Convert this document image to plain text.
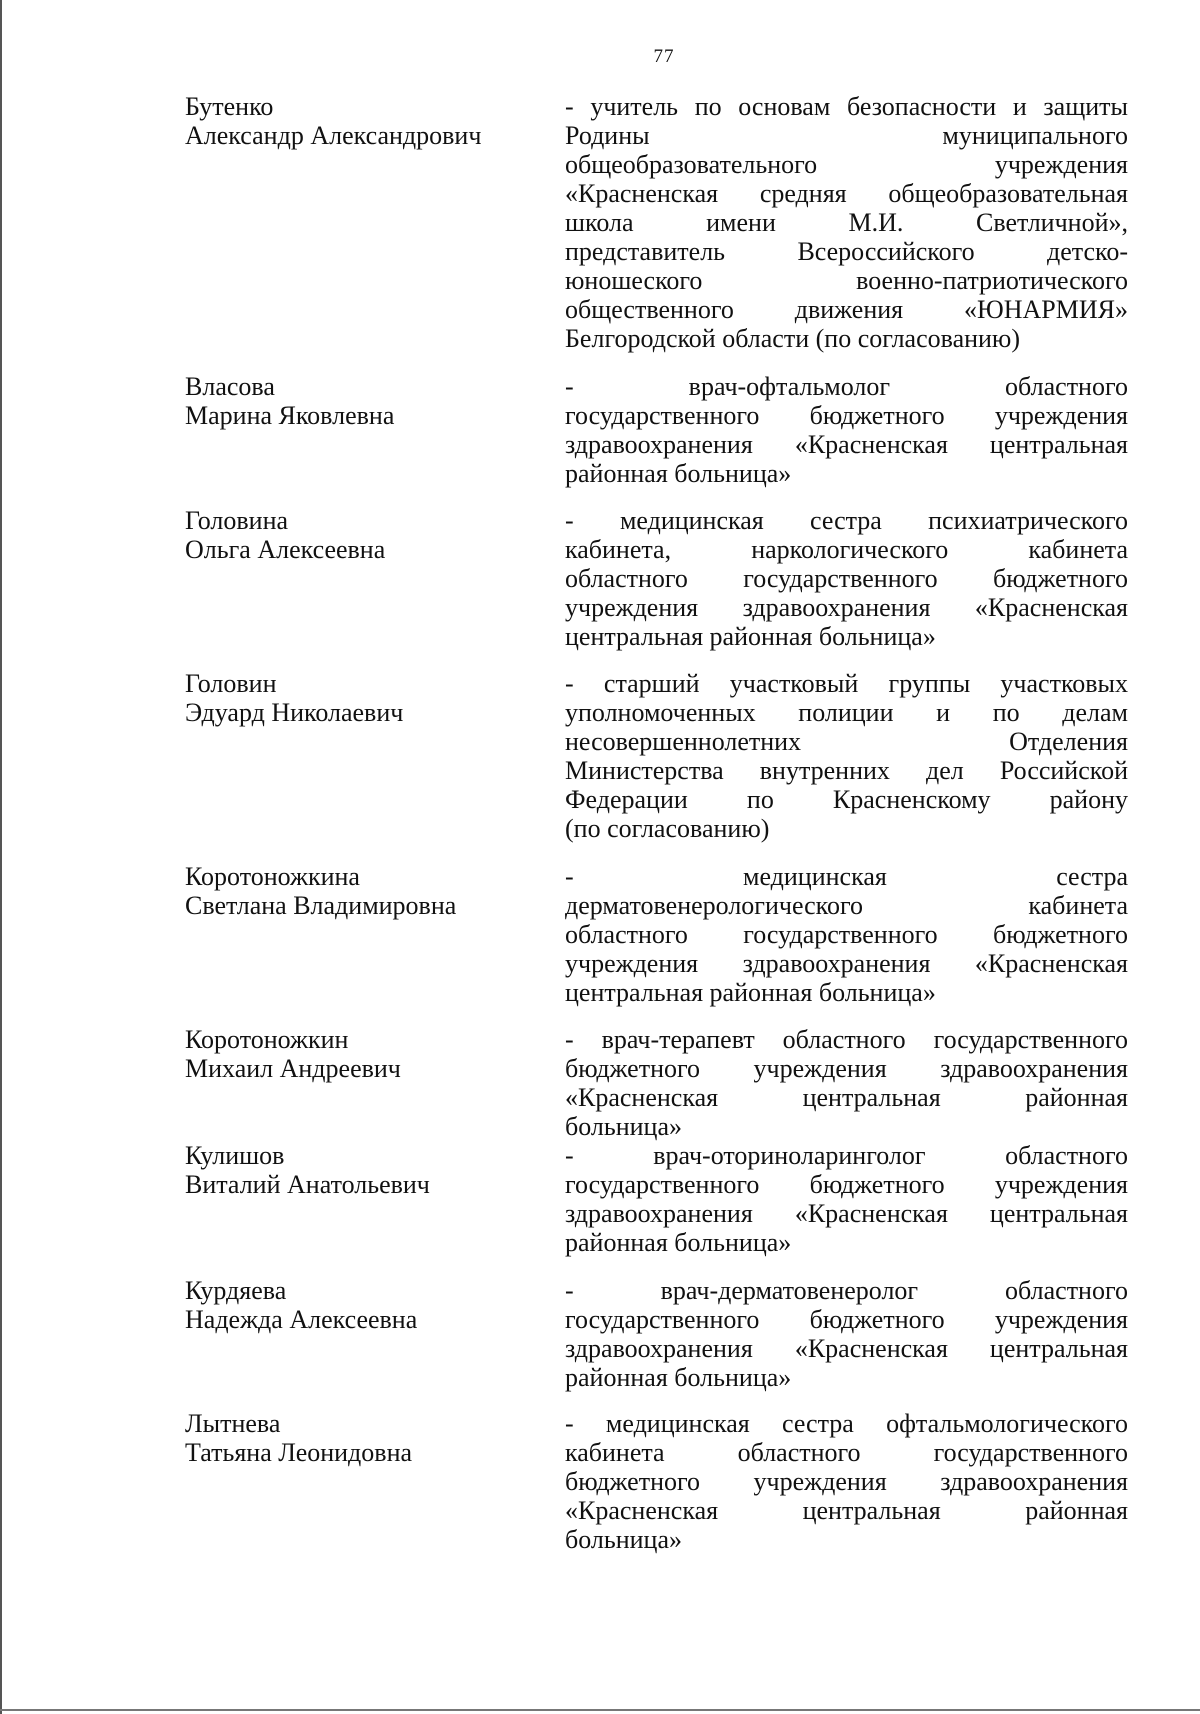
77
Бутенко
Александр Александрович
- учитель по основам безопасности и защиты
Родины муниципального
общеобразовательного учреждения
«Красненская средняя общеобразовательная
школа имени М.И. Светличной»,
представитель Всероссийского детско-
юношеского военно-патриотического
общественного движения «ЮНАРМИЯ»
Белгородской области (по согласованию)
Власова
Марина Яковлевна
- врач-офтальмолог областного
государственного бюджетного учреждения
здравоохранения «Красненская центральная
районная больница»
Головина
Ольга Алексеевна
- медицинская сестра психиатрического
кабинета, наркологического кабинета
областного государственного бюджетного
учреждения здравоохранения «Красненская
центральная районная больница»
Головин
Эдуард Николаевич
- старший участковый группы участковых
уполномоченных полиции и по делам
несовершеннолетних Отделения
Министерства внутренних дел Российской
Федерации по Красненскому району
(по согласованию)
Коротоножкина
Светлана Владимировна
- медицинская сестра
дерматовенерологического кабинета
областного государственного бюджетного
учреждения здравоохранения «Красненская
центральная районная больница»
Коротоножкин
Михаил Андреевич
- врач-терапевт областного государственного
бюджетного учреждения здравоохранения
«Красненская центральная районная
больница»
Кулишов
Виталий Анатольевич
- врач-оториноларинголог областного
государственного бюджетного учреждения
здравоохранения «Красненская центральная
районная больница»
Курдяева
Надежда Алексеевна
- врач-дерматовенеролог областного
государственного бюджетного учреждения
здравоохранения «Красненская центральная
районная больница»
Лытнева
Татьяна Леонидовна
- медицинская сестра офтальмологического
кабинета областного государственного
бюджетного учреждения здравоохранения
«Красненская центральная районная
больница»
